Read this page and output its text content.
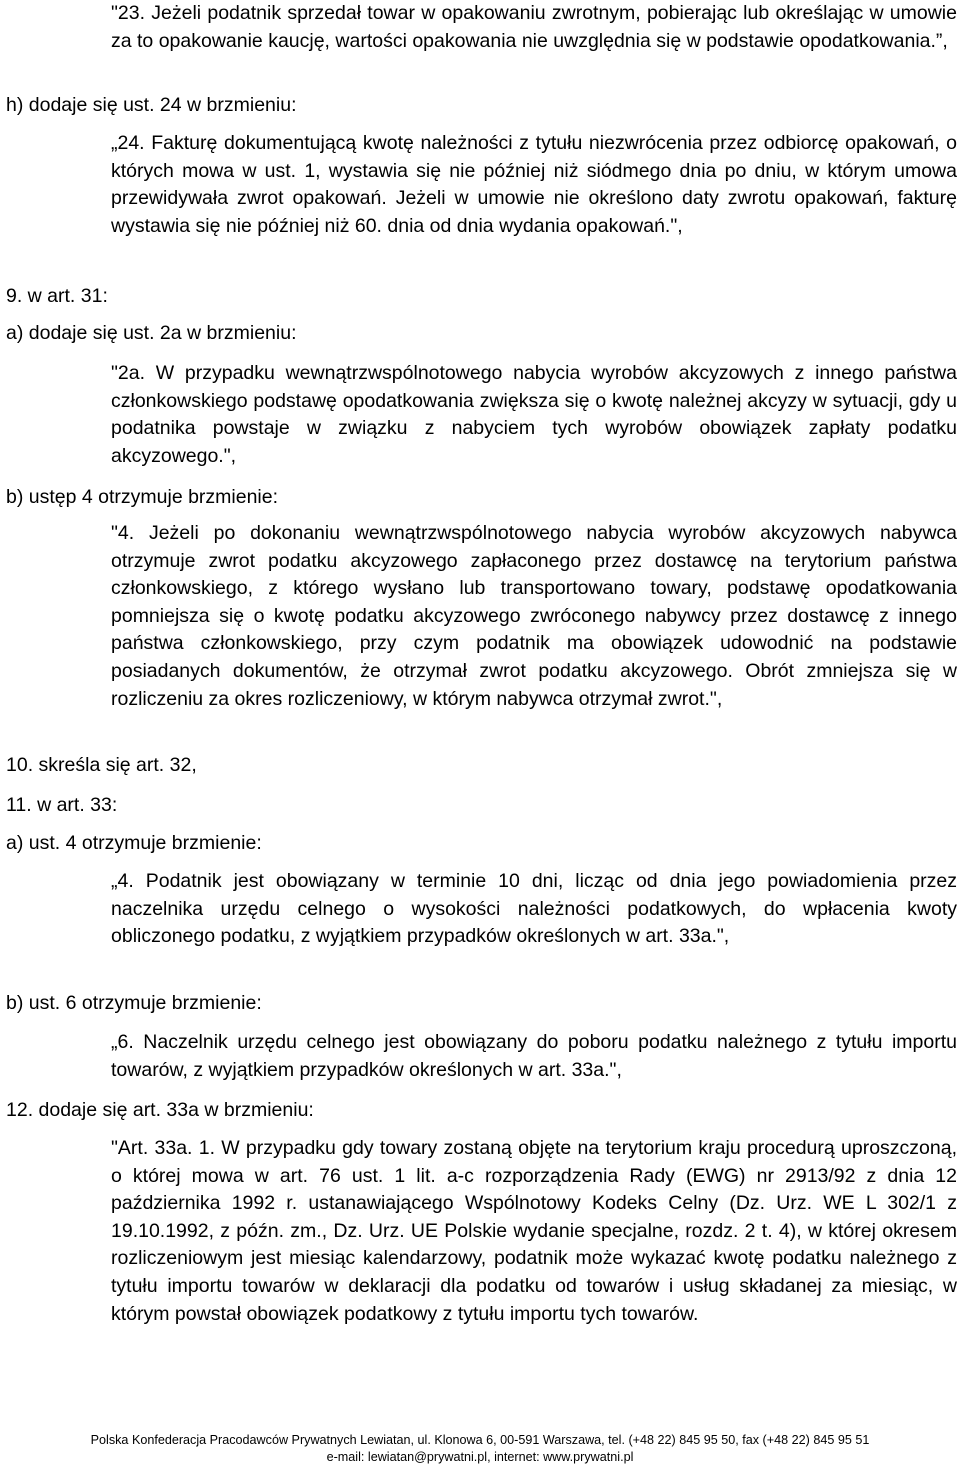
"23. Jeżeli podatnik sprzedał towar w opakowaniu zwrotnym, pobierając lub określając w umowie za to opakowanie kaucję, wartości opakowania nie uwzględnia się w podstawie opodatkowania.”,

h) dodaje się ust. 24 w brzmieniu:

„24. Fakturę dokumentującą kwotę należności z tytułu niezwrócenia przez odbiorcę opakowań, o których mowa w ust. 1, wystawia się nie później niż siódmego dnia po dniu, w którym umowa przewidywała zwrot opakowań. Jeżeli w umowie nie określono daty zwrotu opakowań, fakturę wystawia się nie później niż 60. dnia od dnia wydania opakowań.",

9. w art. 31:

a) dodaje się ust. 2a w brzmieniu:

"2a. W przypadku wewnątrzwspólnotowego nabycia wyrobów akcyzowych z innego państwa członkowskiego podstawę opodatkowania zwiększa się o kwotę należnej akcyzy w sytuacji, gdy u podatnika powstaje w związku z nabyciem tych wyrobów obowiązek zapłaty podatku akcyzowego.",

b) ustęp 4 otrzymuje brzmienie:

"4. Jeżeli po dokonaniu wewnątrzwspólnotowego nabycia wyrobów akcyzowych nabywca otrzymuje zwrot podatku akcyzowego zapłaconego przez dostawcę na terytorium państwa członkowskiego, z którego wysłano lub transportowano towary, podstawę opodatkowania pomniejsza się o kwotę podatku akcyzowego zwróconego nabywcy przez dostawcę z innego państwa członkowskiego, przy czym podatnik ma obowiązek udowodnić na podstawie posiadanych dokumentów, że otrzymał zwrot podatku akcyzowego. Obrót zmniejsza się w rozliczeniu za okres rozliczeniowy, w którym nabywca otrzymał zwrot.",

10. skreśla się art. 32,

11. w art. 33:

a) ust. 4 otrzymuje brzmienie:

„4. Podatnik jest obowiązany w terminie 10 dni, licząc od dnia jego powiadomienia przez naczelnika urzędu celnego o wysokości należności podatkowych, do wpłacenia kwoty obliczonego podatku, z wyjątkiem przypadków określonych w art. 33a.",

b) ust. 6 otrzymuje brzmienie:

„6. Naczelnik urzędu celnego jest obowiązany do poboru podatku należnego z tytułu importu towarów, z wyjątkiem przypadków określonych w art. 33a.",

12. dodaje się art. 33a w brzmieniu:

"Art. 33a. 1. W przypadku gdy towary zostaną objęte na terytorium kraju procedurą uproszczoną, o której mowa w art. 76 ust. 1 lit. a-c rozporządzenia Rady (EWG) nr 2913/92 z dnia 12 października 1992 r. ustanawiającego Wspólnotowy Kodeks Celny (Dz. Urz. WE L 302/1 z 19.10.1992, z późn. zm., Dz. Urz. UE Polskie wydanie specjalne, rozdz. 2 t. 4), w której okresem rozliczeniowym jest miesiąc kalendarzowy, podatnik może wykazać kwotę podatku należnego z tytułu importu towarów w deklaracji dla podatku od towarów i usług składanej za miesiąc, w którym powstał obowiązek podatkowy z tytułu importu tych towarów.

Polska Konfederacja Pracodawców Prywatnych Lewiatan, ul. Klonowa 6, 00-591 Warszawa, tel. (+48 22) 845 95 50, fax (+48 22) 845 95 51
e-mail: lewiatan@prywatni.pl, internet: www.prywatni.pl
